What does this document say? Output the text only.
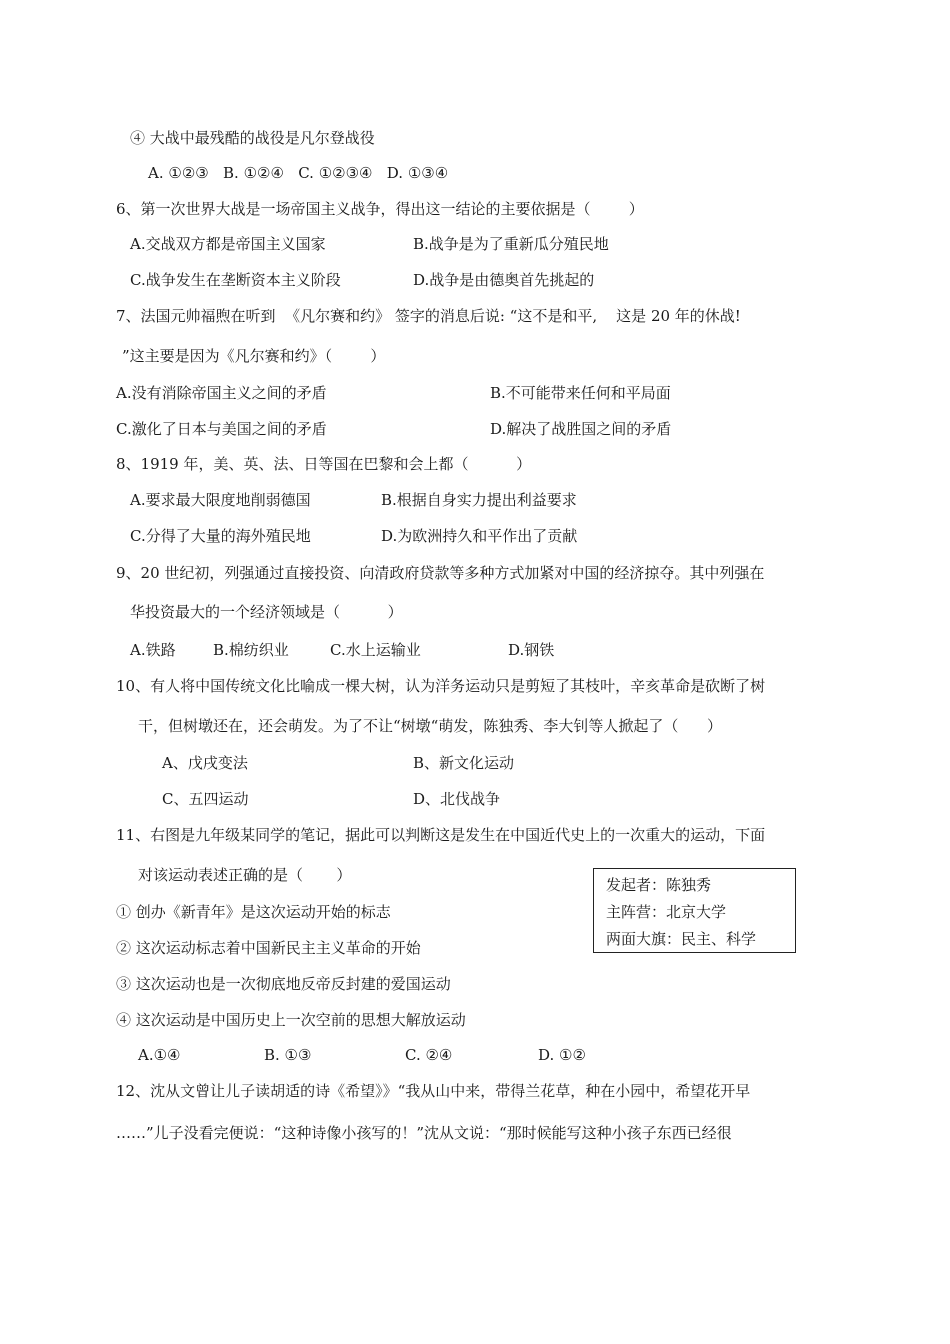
④ 大战中最残酷的战役是凡尔登战役
A. ①②③   B. ①②④   C. ①②③④   D. ①③④
6、第一次世界大战是一场帝国主义战争，得出这一结论的主要依据是（        ）
A.交战双方都是帝国主义国家	B.战争是为了重新瓜分殖民地
C.战争发生在垄断资本主义阶段	D.战争是由德奥首先挑起的
7、法国元帅福煦在听到  《凡尔赛和约》 签字的消息后说: “这不是和平,    这是 20 年的休战!
”这主要是因为《凡尔赛和约》（        ）
A.没有消除帝国主义之间的矛盾	B.不可能带来任何和平局面
C.激化了日本与美国之间的矛盾	D.解决了战胜国之间的矛盾
8、1919 年，美、英、法、日等国在巴黎和会上都（          ）
A.要求最大限度地削弱德国	B.根据自身实力提出利益要求
C.分得了大量的海外殖民地	D.为欧洲持久和平作出了贡献
9、20 世纪初，列强通过直接投资、向清政府贷款等多种方式加紧对中国的经济掠夺。其中列强在
华投资最大的一个经济领域是（          ）
A.铁路 B.棉纺织业	C.水上运输业	D.钢铁
10、有人将中国传统文化比喻成一棵大树，认为洋务运动只是剪短了其枝叶，辛亥革命是砍断了树
干，但树墩还在，还会萌发。为了不让“树墩“萌发，陈独秀、李大钊等人掀起了（      ）
A、戊戌变法	B、新文化运动
C、五四运动	D、北伐战争
11、右图是九年级某同学的笔记，据此可以判断这是发生在中国近代史上的一次重大的运动，下面
对该运动表述正确的是（       ）
发起者：陈独秀
主阵营：北京大学
两面大旗：民主、科学
① 创办《新青年》是这次运动开始的标志
② 这次运动标志着中国新民主主义革命的开始
③ 这次运动也是一次彻底地反帝反封建的爱国运动
④ 这次运动是中国历史上一次空前的思想大解放运动
A.①④	B. ①③	C. ②④	D. ①②
12、沈从文曾让儿子读胡适的诗《希望》》“我从山中来，带得兰花草，种在小园中，希望花开早
……”儿子没看完便说：“这种诗像小孩写的！”沈从文说：“那时候能写这种小孩子东西已经很
